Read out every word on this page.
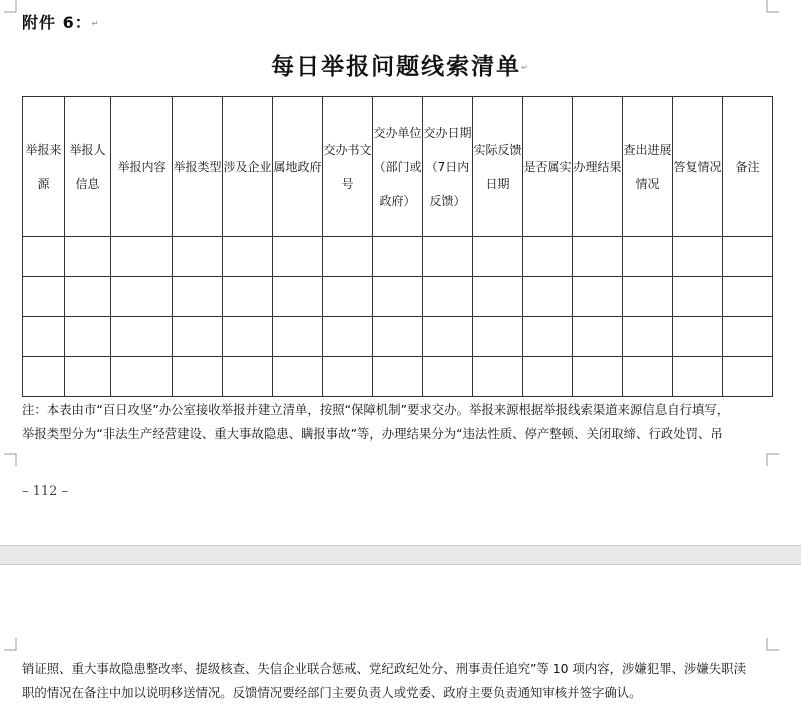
附件 6：↵
每日举报问题线索清单↵
举报来源	举报人信息	举报内容	举报类型	涉及企业	属地政府	交办书文号	交办单位（部门或政府）	交办日期（7日内反馈）	实际反馈日期	是否属实	办理结果	查出进展情况	答复情况	备注

注：本表由市“百日攻坚”办公室接收举报并建立清单，按照“保障机制”要求交办。举报来源根据举报线索渠道来源信息自行填写，
举报类型分为“非法生产经营建设、重大事故隐患、瞒报事故”等，办理结果分为“违法性质、停产整顿、关闭取缔、行政处罚、吊
– 112 –
销证照、重大事故隐患整改率、提级核查、失信企业联合惩戒、党纪政纪处分、刑事责任追究”等 10 项内容，涉嫌犯罪、涉嫌失职渎
职的情况在备注中加以说明移送情况。反馈情况要经部门主要负责人或党委、政府主要负责通知审核并签字确认。
